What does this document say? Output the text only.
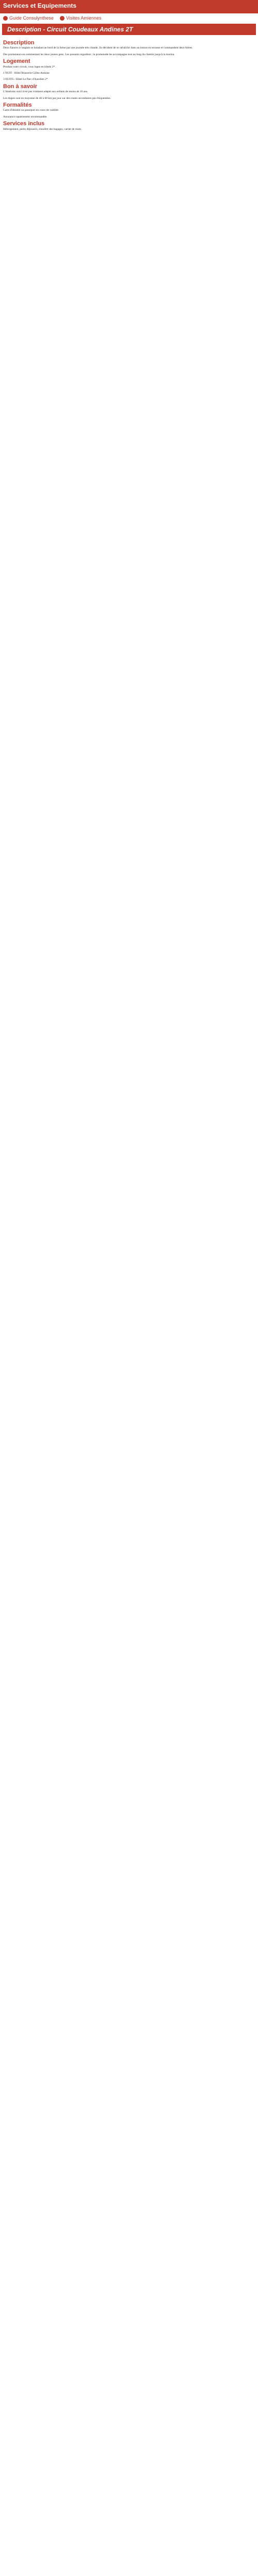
Services et Equipements
Guide Consulynthese	Visites Amiennes
Description - Circuit Coudeaux Andines 2T
Description

Deux fiancés à l'anglais se baladant au bord de la Seine par une journée très chaude. Ils décident de se rafraîchir dans un bistrot en terrasse et commandent deux bières.

Des promeneurs en commentant les deux jeunes gens. Les passants regardent ; la promenade les accompagne tout au long du chemin jusqu'à la marina.

Logement

Pendant votre circuit, vous logez en hôtels 2*.

1 NUIT - Hôtel Brasserie Gilles-Antoine

3 NUITS - Hôtel Le Parc d'Aurelien 2*

Bon à savoir

L'itinéraire suivi n'est pas vraiment adapté aux enfants de moins de 10 ans.

Les étapes sont en moyenne de 40 à 60 km par jour sur des routes secondaires peu fréquentées.

Formalités

Carte d'identité ou passeport en cours de validité.

Assurance rapatriement recommandée.

Services inclus

Hébergement, petits déjeuners, transfert des bagages, carnet de route.
